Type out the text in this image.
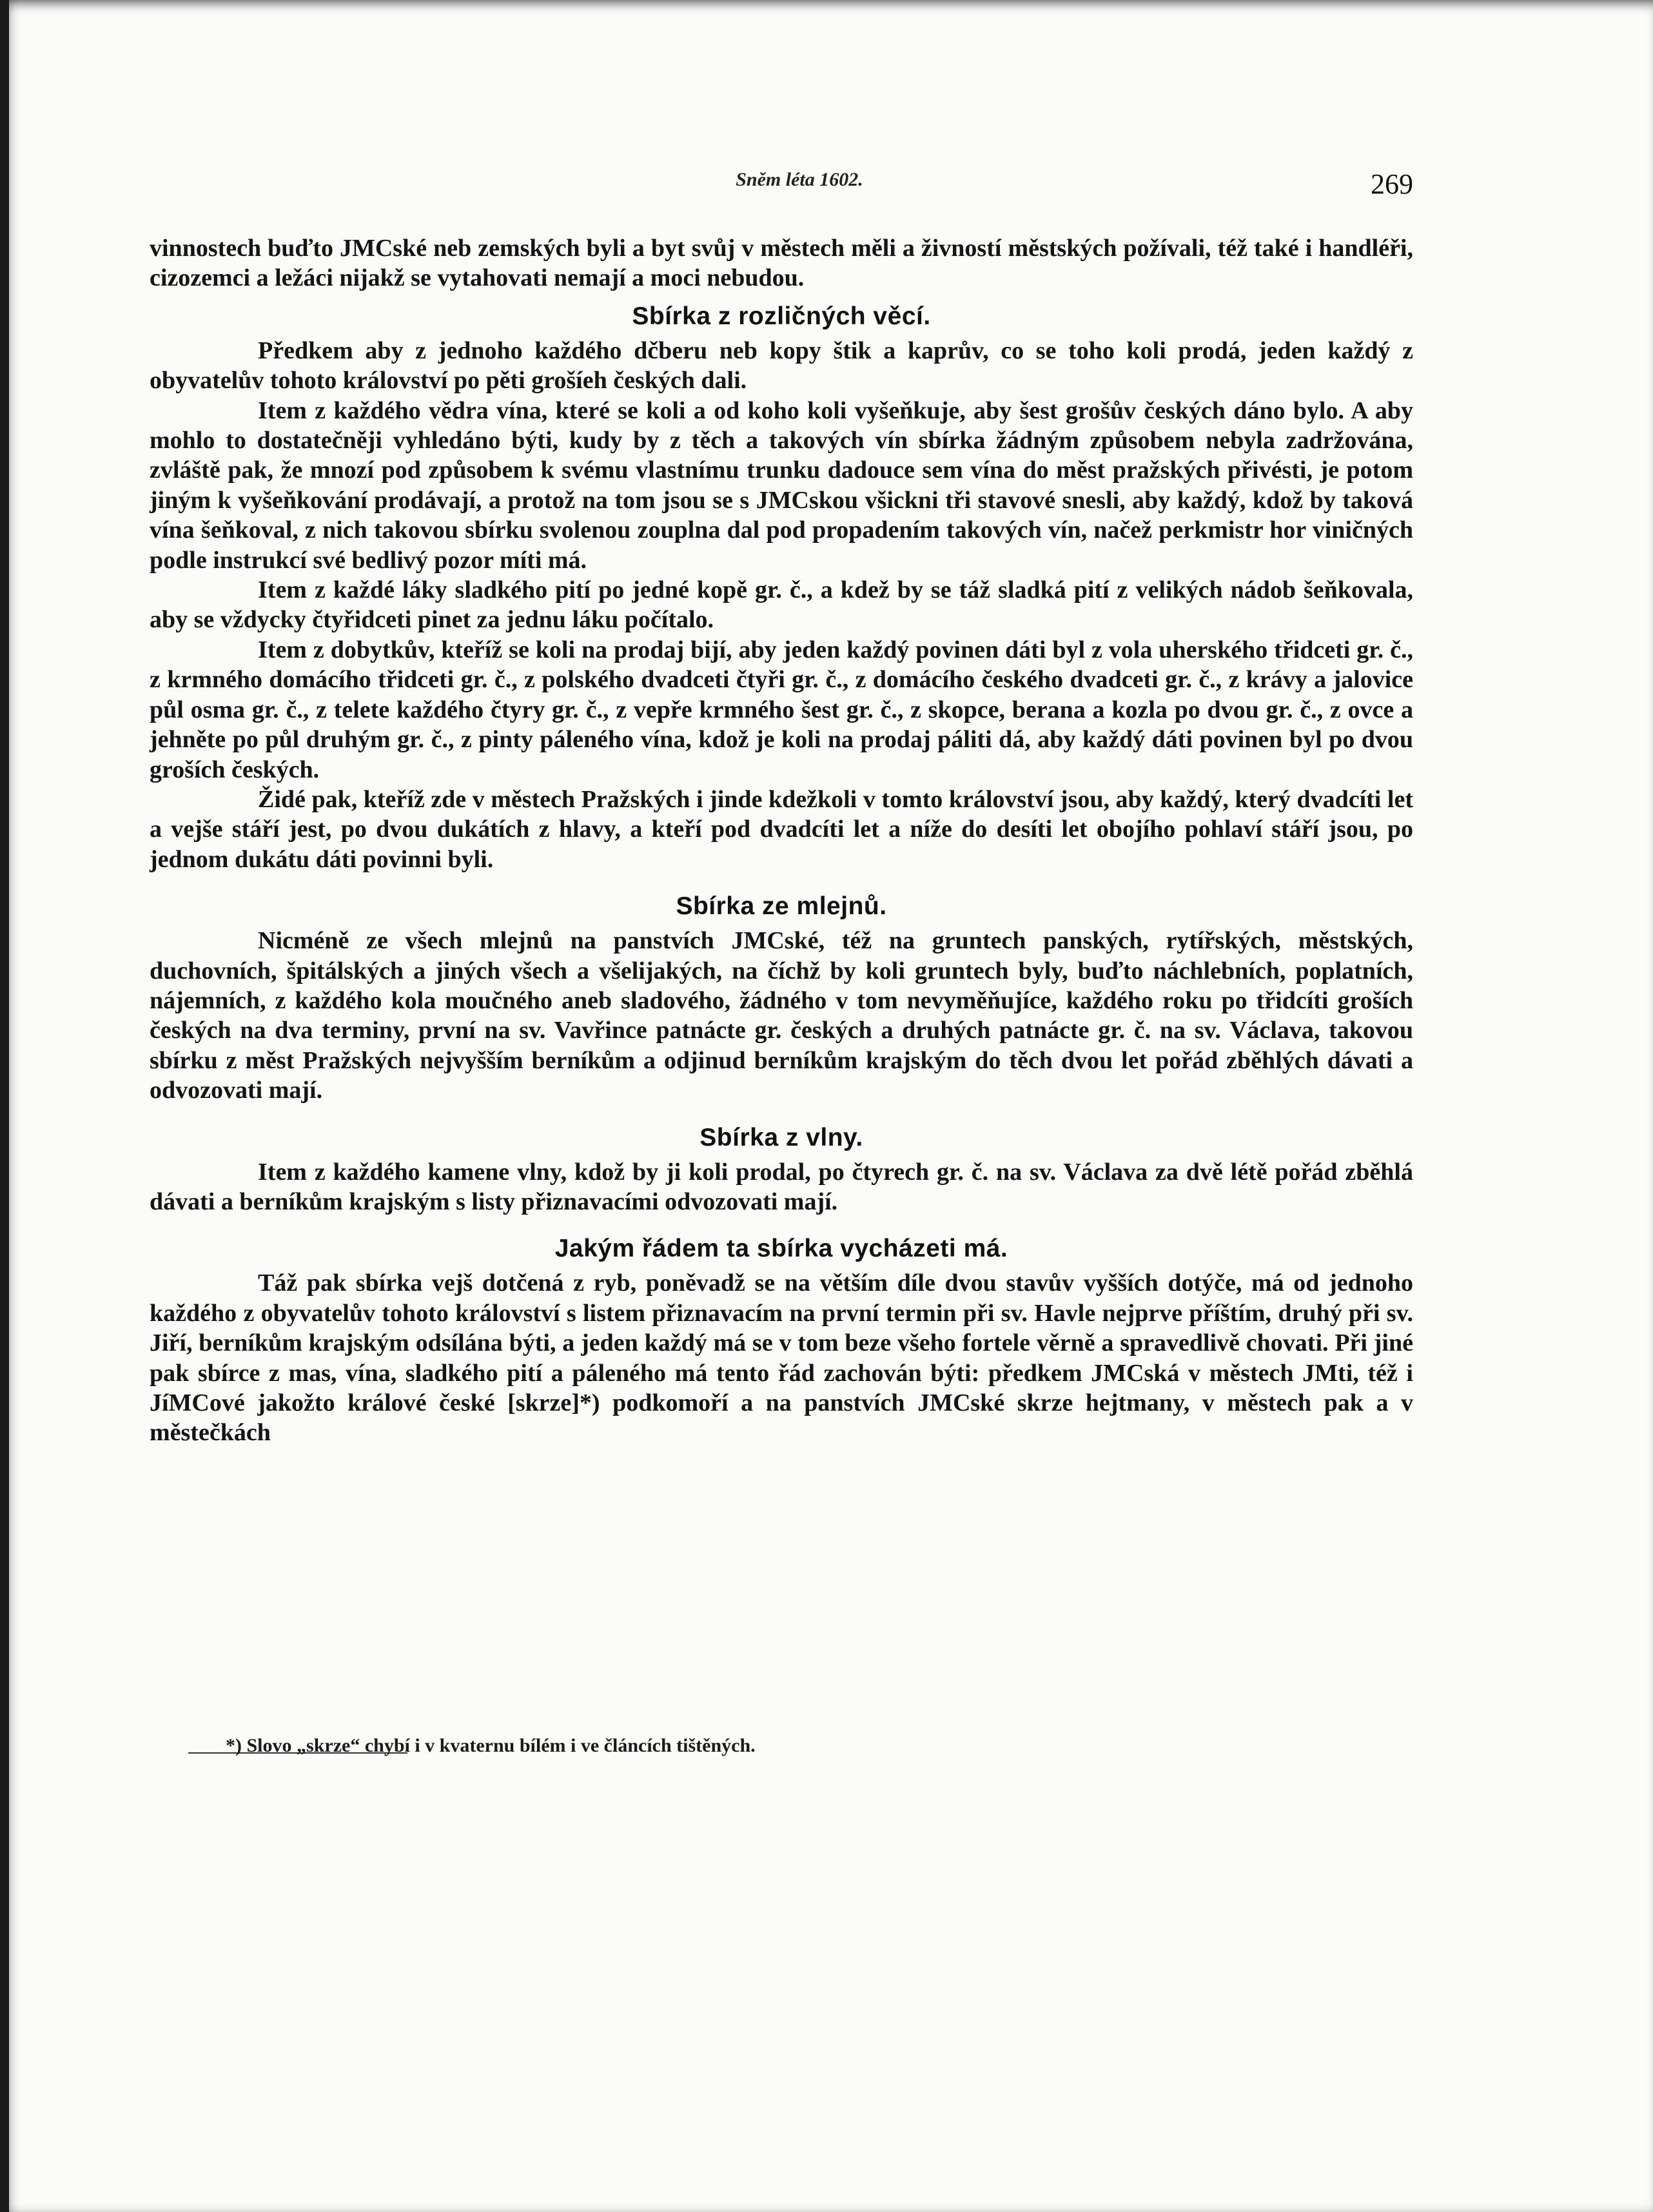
Sněm léta 1602.	269

vinnostech buďto JMCské neb zemských byli a byt svůj v městech měli a živností městských požívali, též také i handléři, cizozemci a ležáci nijakž se vytahovati nemají a moci nebudou.

Sbírka z rozličných věcí.

Předkem aby z jednoho každého dčberu neb kopy štik a kaprův, co se toho koli prodá, jeden každý z obyvatelův tohoto království po pěti grošíeh českých dali.

Item z každého vědra vína, které se koli a od koho koli vyšeňkuje, aby šest grošův českých dáno bylo. A aby mohlo to dostatečněji vyhledáno býti, kudy by z těch a takových vín sbírka žádným způsobem nebyla zadržována, zvláště pak, že mnozí pod způsobem k svému vlastnímu trunku dadouce sem vína do měst pražských přivésti, je potom jiným k vyšeňkování prodávají, a protož na tom jsou se s JMCskou všickni tři stavové snesli, aby každý, kdož by taková vína šeňkoval, z nich takovou sbírku svolenou zouplna dal pod propadením takových vín, načež perkmistr hor viničných podle instrukcí své bedlivý pozor míti má.

Item z každé láky sladkého pití po jedné kopě gr. č., a kdež by se táž sladká pití z velikých nádob šeňkovala, aby se vždycky čtyřidceti pinet za jednu láku počítalo.

Item z dobytkův, kteříž se koli na prodaj bijí, aby jeden každý povinen dáti byl z vola uherského třidceti gr. č., z krmného domácího třidceti gr. č., z polského dvadceti čtyři gr. č., z domácího českého dvadceti gr. č., z krávy a jalovice půl osma gr. č., z telete každého čtyry gr. č., z vepře krmného šest gr. č., z skopce, berana a kozla po dvou gr. č., z ovce a jehněte po půl druhým gr. č., z pinty páleného vína, kdož je koli na prodaj páliti dá, aby každý dáti povinen byl po dvou groších českých.

Židé pak, kteříž zde v městech Pražských i jinde kdežkoli v tomto království jsou, aby každý, který dvadcíti let a vejše stáří jest, po dvou dukátích z hlavy, a kteří pod dvadcíti let a níže do desíti let obojího pohlaví stáří jsou, po jednom dukátu dáti povinni byli.

Sbírka ze mlejnů.

Nicméně ze všech mlejnů na panstvích JMCské, též na gruntech panských, rytířských, městských, duchovních, špitálských a jiných všech a všelijakých, na číchž by koli gruntech byly, buďto náchlebních, poplatních, nájemních, z každého kola moučného aneb sladového, žádného v tom nevyměňujíce, každého roku po třidcíti groších českých na dva terminy, první na sv. Vavřince patnácte gr. českých a druhých patnácte gr. č. na sv. Václava, takovou sbírku z měst Pražských nejvyšším berníkům a odjinud berníkům krajským do těch dvou let pořád zběhlých dávati a odvozovati mají.

Sbírka z vlny.

Item z každého kamene vlny, kdož by ji koli prodal, po čtyrech gr. č. na sv. Václava za dvě létě pořád zběhlá dávati a berníkům krajským s listy přiznavacími odvozovati mají.

Jakým řádem ta sbírka vycházeti má.

Táž pak sbírka vejš dotčená z ryb, poněvadž se na větším díle dvou stavův vyšších dotýče, má od jednoho každého z obyvatelův tohoto království s listem přiznavacím na první termin při sv. Havle nejprve příštím, druhý při sv. Jiří, berníkům krajským odsílána býti, a jeden každý má se v tom beze všeho fortele věrně a spravedlivě chovati. Při jiné pak sbírce z mas, vína, sladkého pití a páleného má tento řád zachován býti: předkem JMCská v městech JMti, též i JíMCové jakožto králové české [skrze]*) podkomoří a na panstvích JMCské skrze hejtmany, v městech pak a v městečkách

*) Slovo „skrze“ chybí i v kvaternu bílém i ve článcích tištěných.
